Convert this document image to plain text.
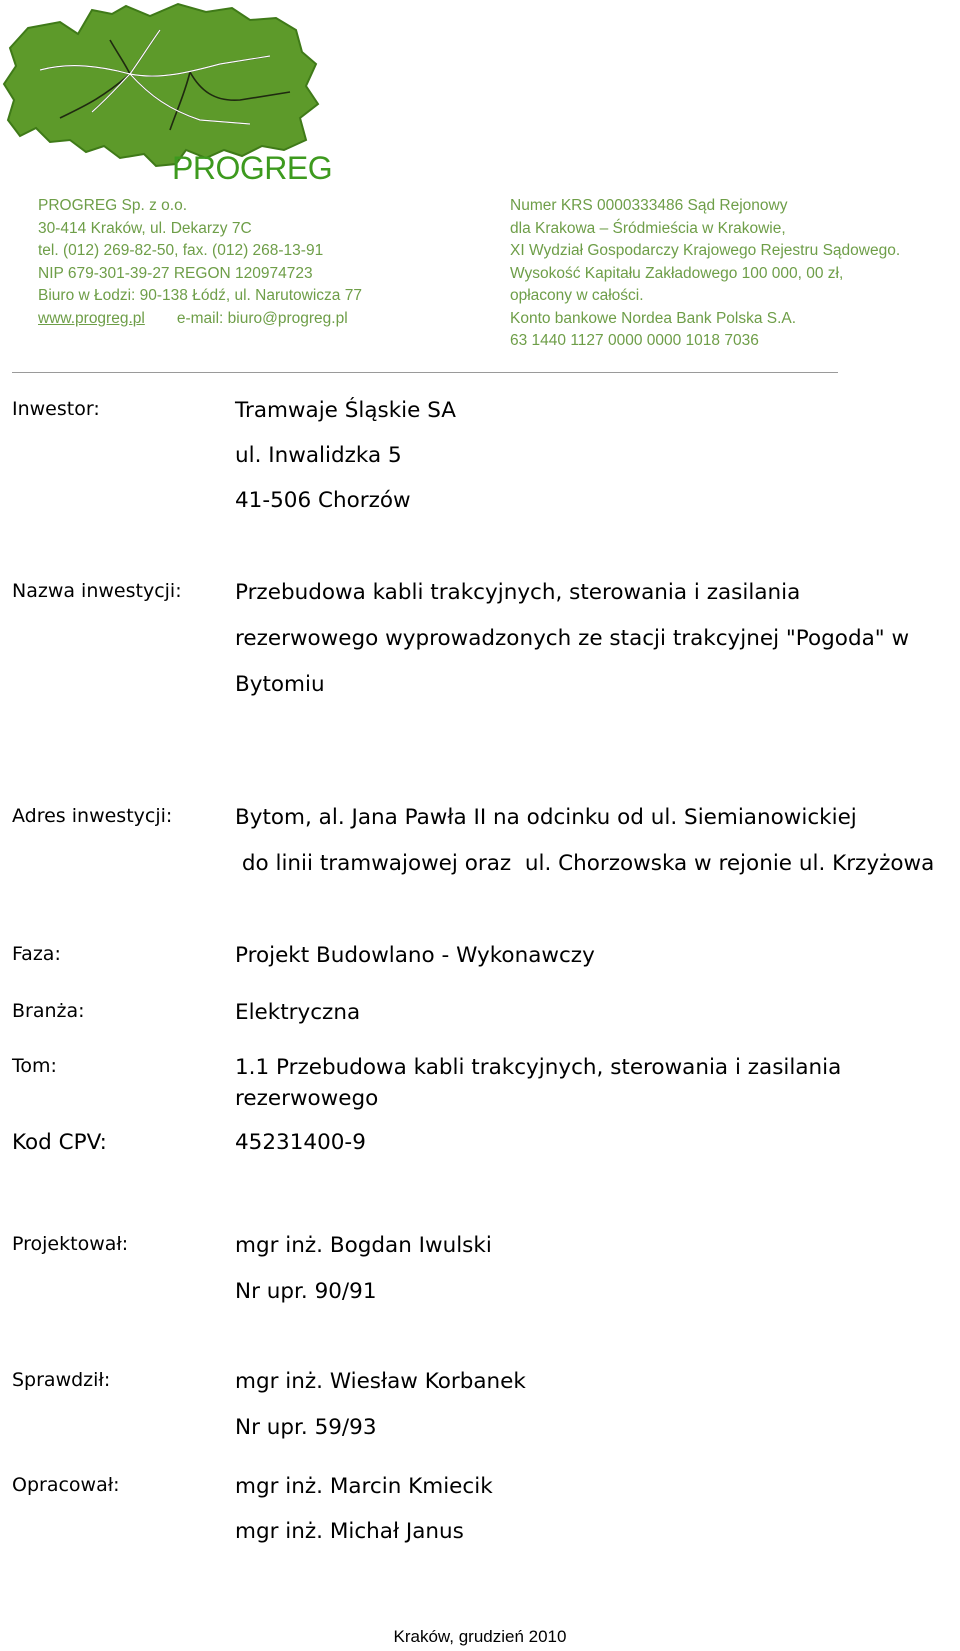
PROGREG
PROGREG Sp. z o.o.
30-414 Kraków, ul. Dekarzy 7C
tel. (012) 269-82-50, fax. (012) 268-13-91
NIP 679-301-39-27 REGON 120974723
Biuro w Łodzi: 90-138 Łódź, ul. Narutowicza 77
www.progreg.pl e-mail: biuro@progreg.pl
Numer KRS 0000333486 Sąd Rejonowy
dla Krakowa – Śródmieścia w Krakowie,
XI Wydział Gospodarczy Krajowego Rejestru Sądowego.
Wysokość Kapitału Zakładowego 100 000, 00 zł,
opłacony w całości.
Konto bankowe Nordea Bank Polska S.A.
63 1440 1127 0000 0000 1018 7036
Inwestor:	Tramwaje Śląskie SA
ul. Inwalidzka 5
41-506 Chorzów
Nazwa inwestycji: Przebudowa kabli trakcyjnych, sterowania i zasilania
rezerwowego wyprowadzonych ze stacji trakcyjnej "Pogoda" w
Bytomiu
Adres inwestycji:	Bytom, al. Jana Pawła II na odcinku od ul. Siemianowickiej
do linii tramwajowej oraz  ul. Chorzowska w rejonie ul. Krzyżowa
Faza:	Projekt Budowlano - Wykonawczy
Branża:	Elektryczna
Tom:	1.1 Przebudowa kabli trakcyjnych, sterowania i zasilania
rezerwowego
Kod CPV:	45231400-9
Projektował:	mgr inż. Bogdan Iwulski
Nr upr. 90/91
Sprawdził:	mgr inż. Wiesław Korbanek
Nr upr. 59/93
Opracował:	mgr inż. Marcin Kmiecik
mgr inż. Michał Janus
Kraków, grudzień 2010
